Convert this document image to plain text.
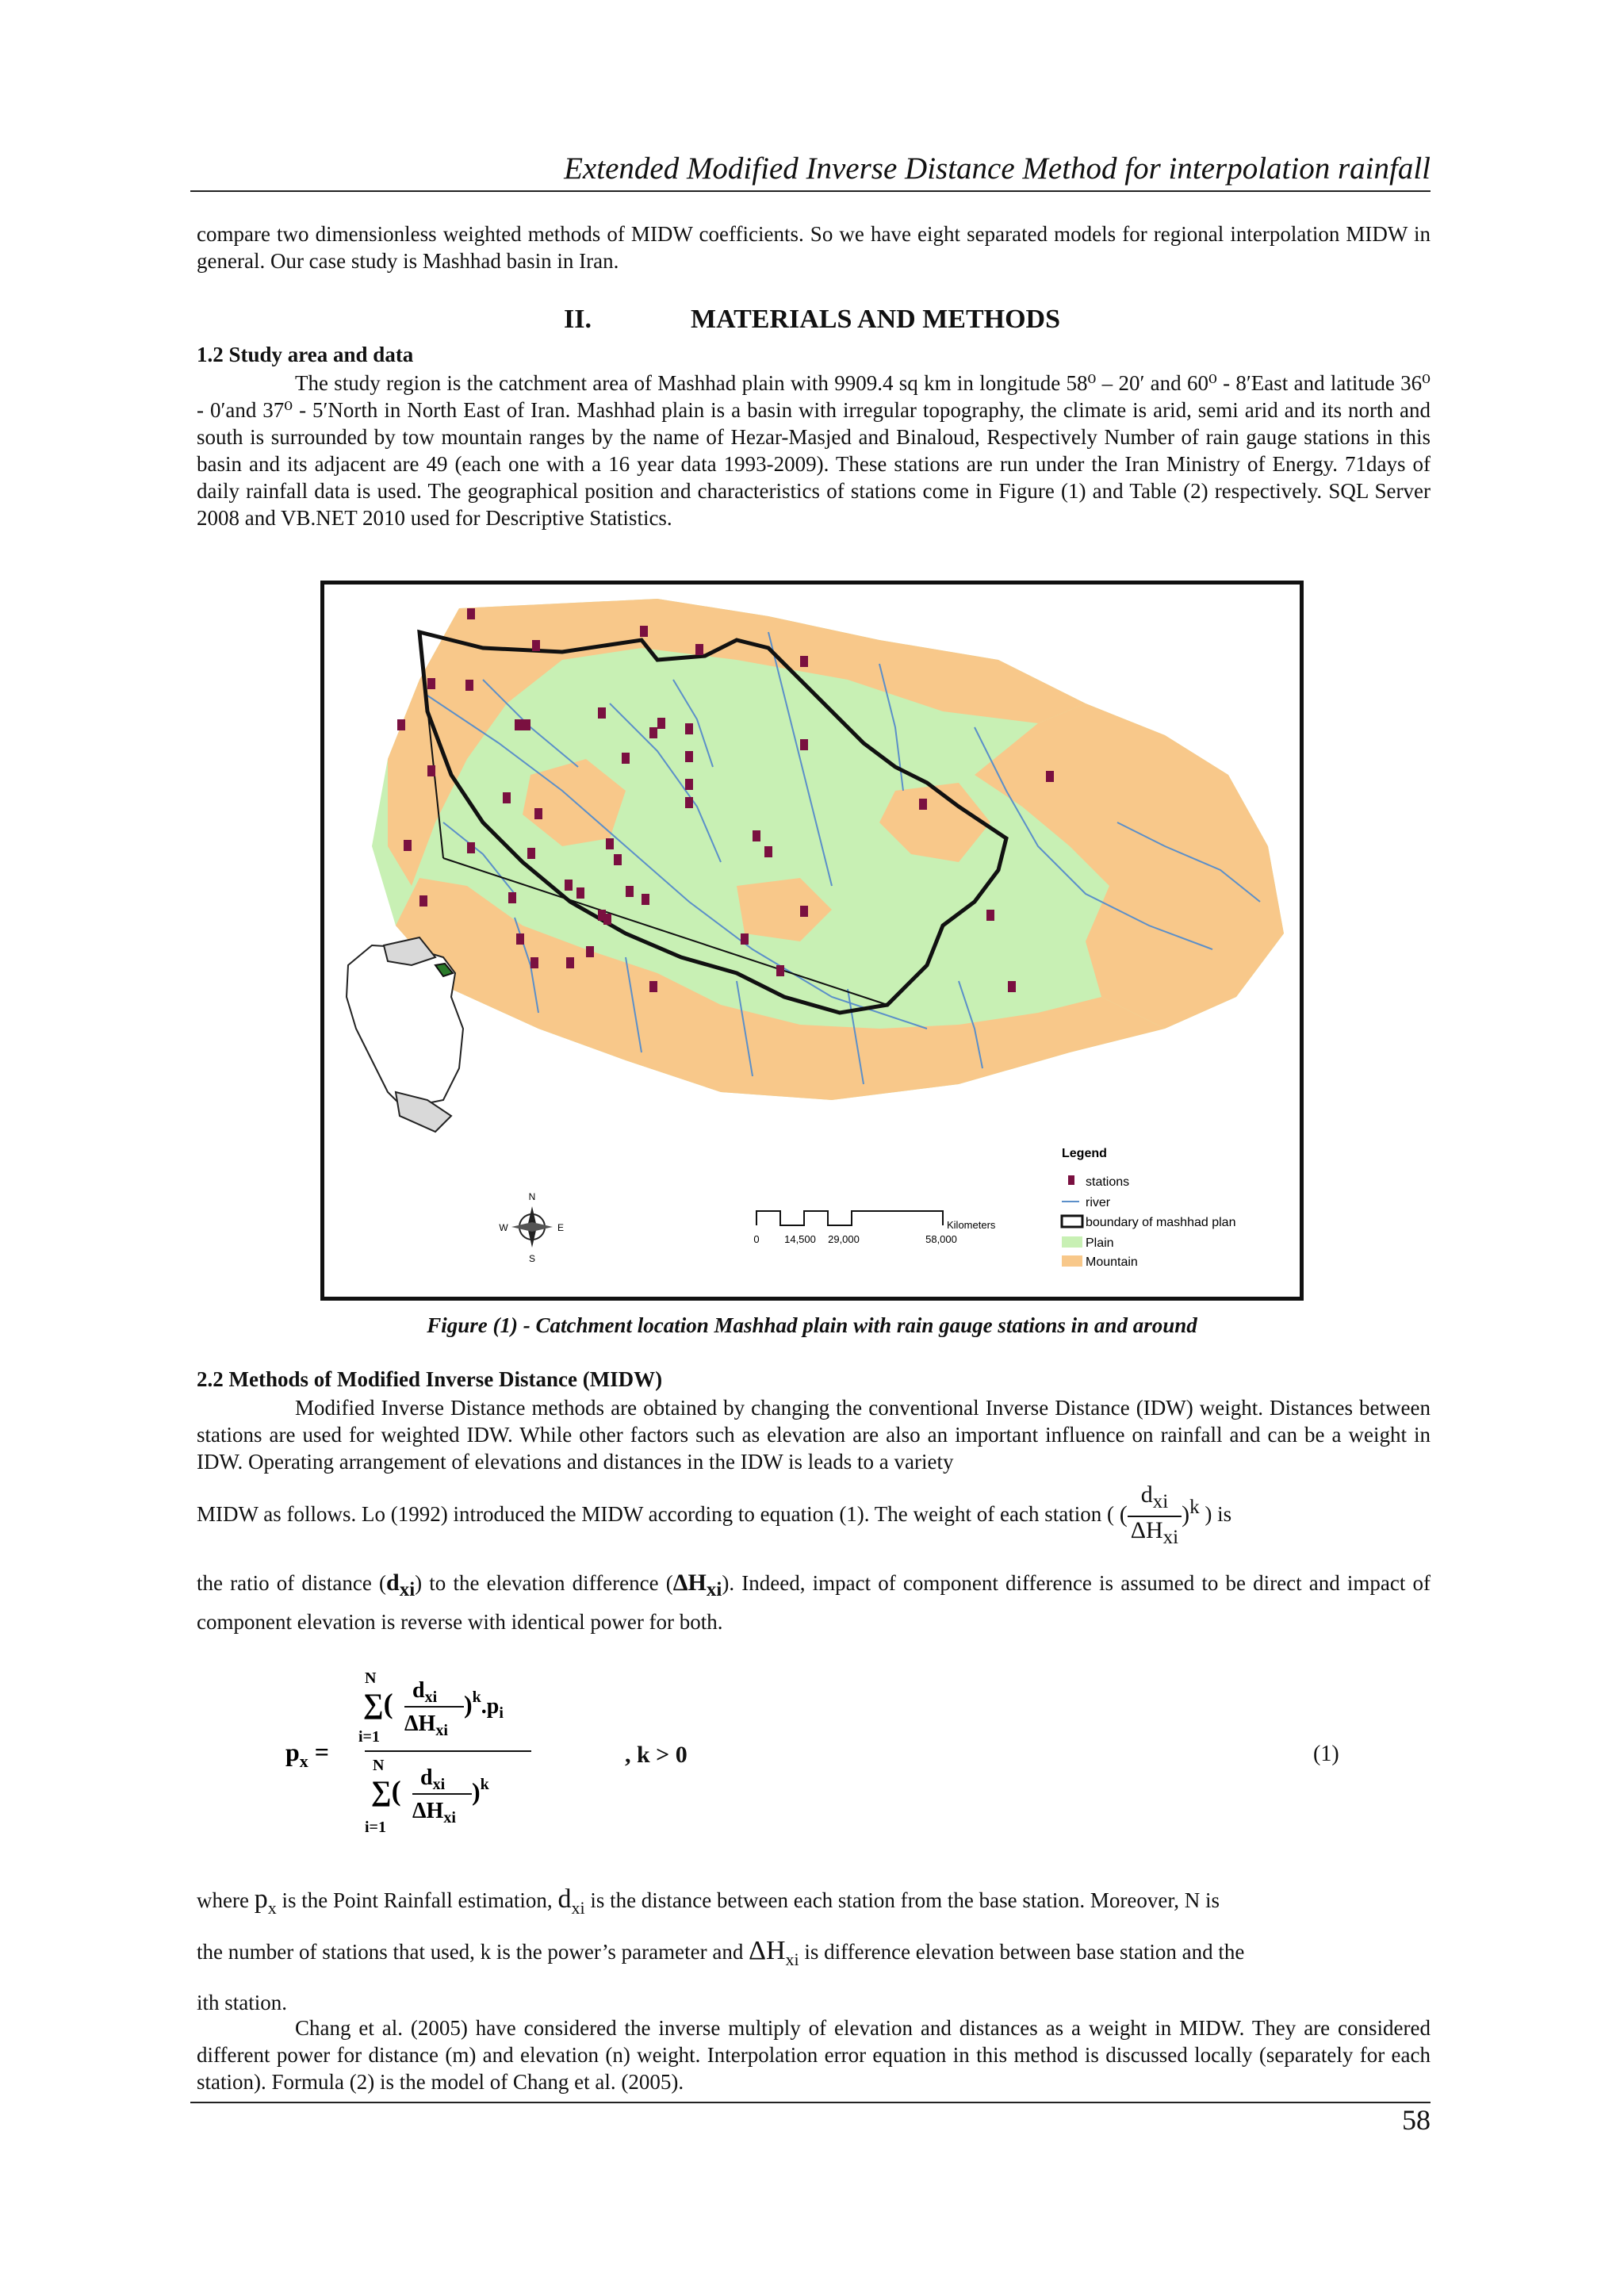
Extended Modified Inverse Distance Method for interpolation rainfall
compare two dimensionless weighted methods of MIDW coefficients. So we have eight separated models for regional interpolation MIDW in general. Our case study is Mashhad basin in Iran.
II.	MATERIALS AND METHODS
1.2 Study area and data
The study region is the catchment area of Mashhad plain with 9909.4 sq km in longitude 58⁰ – 20′ and 60⁰ - 8′East and latitude 36⁰ - 0′and 37⁰ - 5′North in North East of Iran. Mashhad plain is a basin with irregular topography, the climate is arid, semi arid and its north and south is surrounded by tow mountain ranges by the name of Hezar-Masjed and Binaloud, Respectively Number of rain gauge stations in this basin and its adjacent are 49 (each one with a 16 year data 1993-2009). These stations are run under the Iran Ministry of Energy. 71days of daily rainfall data is used. The geographical position and characteristics of stations come in Figure (1) and Table (2) respectively. SQL Server 2008 and VB.NET 2010 used for Descriptive Statistics.
N
E
S
W
0 14,500 29,000	58,000
Kilometers
Legend
stations
river
boundary of mashhad plan
Plain
Mountain
Figure (1) - Catchment location Mashhad plain with rain gauge stations in and around
2.2 Methods of Modified Inverse Distance (MIDW)
Modified Inverse Distance methods are obtained by changing the conventional Inverse Distance (IDW) weight. Distances between stations are used for weighted IDW. While other factors such as elevation are also an important influence on rainfall and can be a weight in IDW. Operating arrangement of elevations and distances in the IDW is leads to a variety
MIDW as follows. Lo (1992) introduced the MIDW according to equation (1). The weight of each station ( ( $\frac{d_{xi}}{\Delta H_{xi}} )^k$ ) is
the ratio of distance $(d_{xi})$ to the elevation difference $(\Delta H_{xi})$. Indeed, impact of component difference is assumed to be direct and impact of component elevation is reverse with identical power for both.
$p_x$ =
N
∑( $d_{xi}$
$\Delta H_{xi}$
)$^k$.pi
i=1
N
∑( $d_{xi}$
$\Delta H_{xi}$
)$^k$
i=1
, k > 0	(1)
where $p_x$ is the Point Rainfall estimation, $d_{xi}$ is the distance between each station from the base station. Moreover, N is
the number of stations that used, k is the power’s parameter and $\Delta H_{xi}$ is difference elevation between base station and the
ith station.
Chang et al. (2005) have considered the inverse multiply of elevation and distances as a weight in MIDW. They are considered different power for distance (m) and elevation (n) weight. Interpolation error equation in this method is discussed locally (separately for each station). Formula (2) is the model of Chang et al. (2005).
58
